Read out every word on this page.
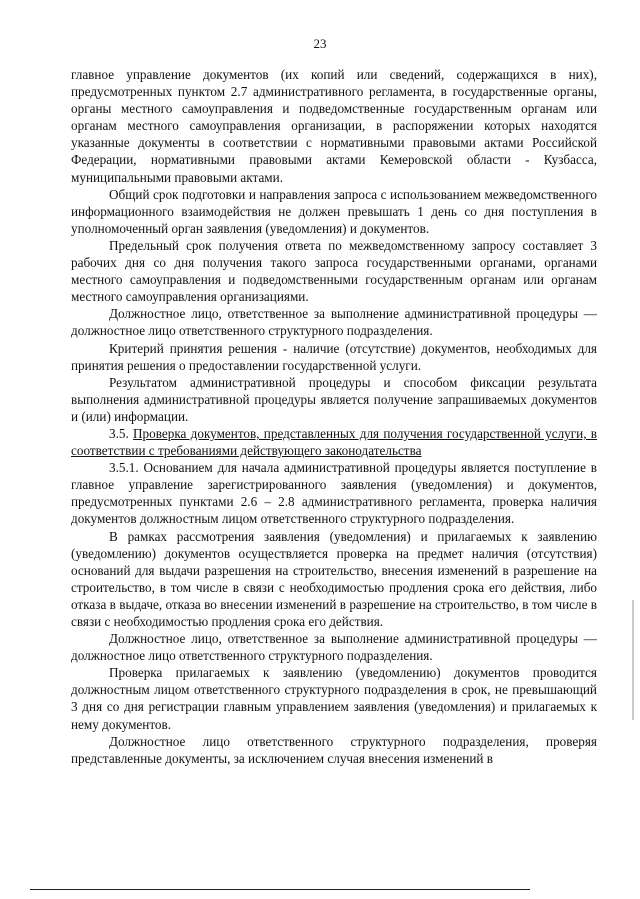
23

главное управление документов (их копий или сведений, содержащихся в них), предусмотренных пунктом 2.7 административного регламента, в государственные органы, органы местного самоуправления и подведомственные государственным органам или органам местного самоуправления организации, в распоряжении которых находятся указанные документы в соответствии с нормативными правовыми актами Российской Федерации, нормативными правовыми актами Кемеровской области - Кузбасса, муниципальными правовыми актами.

Общий срок подготовки и направления запроса с использованием межведомственного информационного взаимодействия не должен превышать 1 день со дня поступления в уполномоченный орган заявления (уведомления) и документов.

Предельный срок получения ответа по межведомственному запросу составляет 3 рабочих дня со дня получения такого запроса государственными органами, органами местного самоуправления и подведомственными государственным органам или органам местного самоуправления организациями.

Должностное лицо, ответственное за выполнение административной процедуры — должностное лицо ответственного структурного подразделения.

Критерий принятия решения - наличие (отсутствие) документов, необходимых для принятия решения о предоставлении государственной услуги.

Результатом административной процедуры и способом фиксации результата выполнения административной процедуры является получение запрашиваемых документов и (или) информации.

3.5. Проверка документов, представленных для получения государственной услуги, в соответствии с требованиями действующего законодательства

3.5.1. Основанием для начала административной процедуры является поступление в главное управление зарегистрированного заявления (уведомления) и документов, предусмотренных пунктами 2.6 – 2.8 административного регламента, проверка наличия документов должностным лицом ответственного структурного подразделения.

В рамках рассмотрения заявления (уведомления) и прилагаемых к заявлению (уведомлению) документов осуществляется проверка на предмет наличия (отсутствия) оснований для выдачи разрешения на строительство, внесения изменений в разрешение на строительство, в том числе в связи с необходимостью продления срока его действия, либо отказа в выдаче, отказа во внесении изменений в разрешение на строительство, в том числе в связи с необходимостью продления срока его действия.

Должностное лицо, ответственное за выполнение административной процедуры — должностное лицо ответственного структурного подразделения.

Проверка прилагаемых к заявлению (уведомлению) документов проводится должностным лицом ответственного структурного подразделения в срок, не превышающий 3 дня со дня регистрации главным управлением заявления (уведомления) и прилагаемых к нему документов.

Должностное лицо ответственного структурного подразделения, проверяя представленные документы, за исключением случая внесения изменений в
